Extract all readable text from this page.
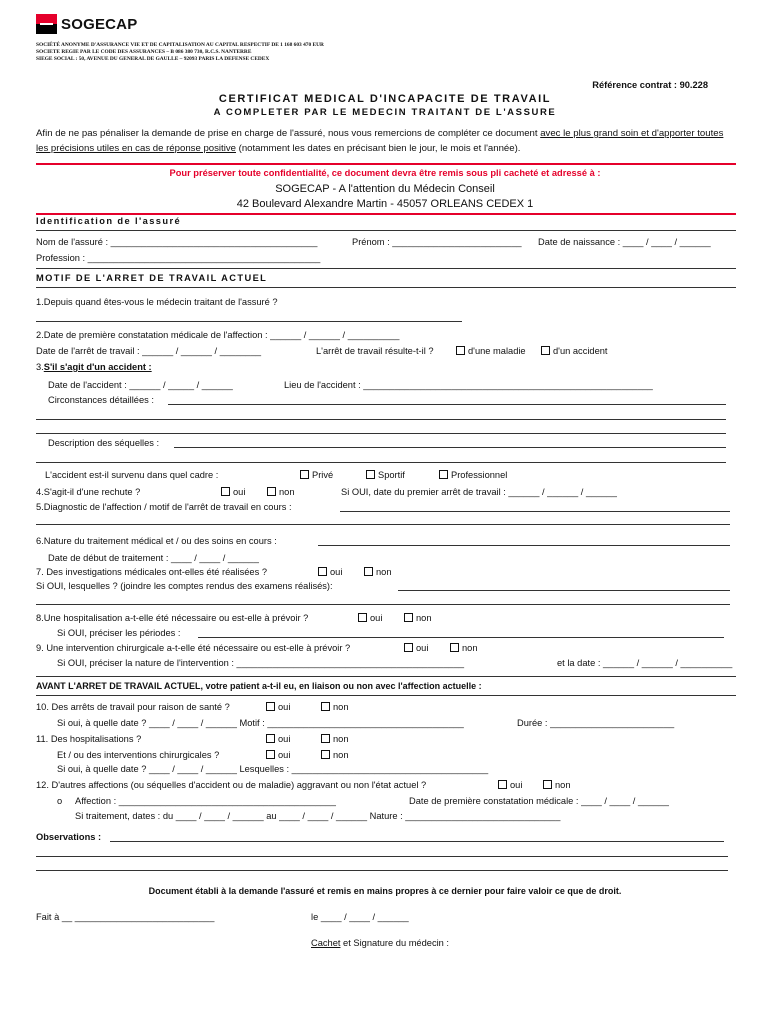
SOGECAP
SOCIÉTÉ ANONYME D'ASSURANCE VIE ET DE CAPITALISATION AU CAPITAL RESPECTIF DE 1 168 603 470 EUR
SOCIETE REGIE PAR LE CODE DES ASSURANCES – B 086 380 730, R.C.S. NANTERRE
SIEGE SOCIAL : 50, AVENUE DU GENERAL DE GAULLE – 92093 PARIS LA DEFENSE CEDEX
Référence contrat : 90.228
CERTIFICAT MEDICAL D'INCAPACITE DE TRAVAIL
A COMPLETER PAR LE MEDECIN TRAITANT DE L'ASSURE
Afin de ne pas pénaliser la demande de prise en charge de l'assuré, nous vous remercions de compléter ce document avec le plus grand soin et d'apporter toutes les précisions utiles en cas de réponse positive (notamment les dates en précisant bien le jour, le mois et l'année).
Pour préserver toute confidentialité, ce document devra être remis sous pli cacheté et adressé à :
SOGECAP - A l'attention du Médecin Conseil
42 Boulevard Alexandre Martin - 45057 ORLEANS CEDEX 1
Identification de l'assuré
Nom de l'assuré : ________________________________________	Prénom : _________________________ Date de naissance : ____ / ____ / ______
Profession : _____________________________________________
MOTIF DE L'ARRET DE TRAVAIL ACTUEL
1.Depuis quand êtes-vous le médecin traitant de l'assuré ?
2.Date de première constatation médicale de l'affection : ______ / ______ / __________
Date de l'arrêt de travail : ______ / ______ / ________	L'arrêt de travail résulte-t-il ?	d'une maladie	d'un accident
3.S'il s'agit d'un accident :
Date de l'accident : ______ / _____ / ______	Lieu de l'accident : ________________________________________________________
Circonstances détaillées :
Description des séquelles :
L'accident est-il survenu dans quel cadre :	Privé	Sportif	Professionnel
4.S'agit-il d'une rechute ?	oui	non	Si OUI, date du premier arrêt de travail : ______ / ______ / ______
5.Diagnostic de l'affection / motif de l'arrêt de travail en cours :
6.Nature du traitement médical et / ou des soins en cours :
Date de début de traitement : ____ / ____ / ______
7. Des investigations médicales ont-elles été réalisées ?	oui	non
Si OUI, lesquelles ? (joindre les comptes rendus des examens réalisés):
8.Une hospitalisation a-t-elle été nécessaire ou est-elle à prévoir ?	oui	non
Si OUI, préciser les périodes :
9. Une intervention chirurgicale a-t-elle été nécessaire ou est-elle à prévoir ?	oui	non
Si OUI, préciser la nature de l'intervention : ____________________________________________	et la date : ______ / ______ / __________
AVANT L'ARRET DE TRAVAIL ACTUEL, votre patient a-t-il eu, en liaison ou non avec l'affection actuelle :
10. Des arrêts de travail pour raison de santé ?	oui	non
Si oui, à quelle date ? ____ / ____ / ______ Motif : ______________________________________	Durée : ________________________
11. Des hospitalisations ?	oui	non
Et / ou des interventions chirurgicales ?	oui	non
Si oui, à quelle date ? ____ / ____ / ______ Lesquelles : ______________________________________
12. D'autres affections (ou séquelles d'accident ou de maladie) aggravant ou non l'état actuel ?	oui	non
o Affection : __________________________________________	Date de première constatation médicale : ____ / ____ / ______
Si traitement, dates : du ____ / ____ / ______ au ____ / ____ / ______ Nature : ______________________________
Observations :
Document établi à la demande l'assuré et remis en mains propres à ce dernier pour faire valoir ce que de droit.
Fait à __ ___________________________	le ____ / ____ / ______
Cachet et Signature du médecin :
